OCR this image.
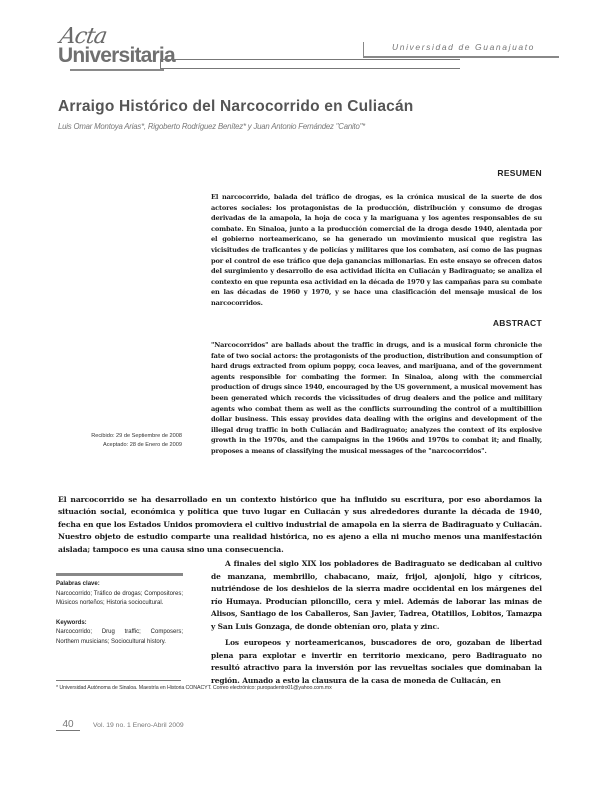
Acta
Universitaria	Universidad de Guanajuato
Arraigo Histórico del Narcocorrido en Culiacán
Luis Omar Montoya Arias*, Rigoberto Rodríguez Benítez* y Juan Antonio Fernández "Canito"*
RESUMEN

El narcocorrido, balada del tráfico de drogas, es la crónica musical de la suerte de dos actores sociales: los protagonistas de la producción, distribución y consumo de drogas derivadas de la amapola, la hoja de coca y la mariguana y los agentes responsables de su combate. En Sinaloa, junto a la producción comercial de la droga desde 1940, alentada por el gobierno norteamericano, se ha generado un movimiento musical que registra las vicisitudes de traficantes y de policías y militares que los combaten, así como de las pugnas por el control de ese tráfico que deja ganancias millonarias. En este ensayo se ofrecen datos del surgimiento y desarrollo de esa actividad ilícita en Culiacán y Badiraguato; se analiza el contexto en que repunta esa actividad en la década de 1970 y las campañas para su combate en las décadas de 1960 y 1970, y se hace una clasificación del mensaje musical de los narcocorridos.

ABSTRACT

"Narcocorridos" are ballads about the traffic in drugs, and is a musical form chronicle the fate of two social actors: the protagonists of the production, distribution and consumption of hard drugs extracted from opium poppy, coca leaves, and marijuana, and of the government agents responsible for combating the former. In Sinaloa, along with the commercial production of drugs since 1940, encouraged by the US government, a musical movement has been generated which records the vicissitudes of drug dealers and the police and military agents who combat them as well as the conflicts surrounding the control of a multibillion dollar business. This essay provides data dealing with the origins and development of the illegal drug traffic in both Culiacán and Badiraguato; analyzes the context of its explosive growth in the 1970s, and the campaigns in the 1960s and 1970s to combat it; and finally, proposes a means of classifying the musical messages of the "narcocorridos".

Recibido: 29 de Septiembre de 2008
Aceptado: 28 de Enero de 2009

El narcocorrido se ha desarrollado en un contexto histórico que ha influido su escritura, por eso abordamos la situación social, económica y política que tuvo lugar en Culiacán y sus alrededores durante la década de 1940, fecha en que los Estados Unidos promoviera el cultivo industrial de amapola en la sierra de Badiraguato y Culiacán. Nuestro objeto de estudio comparte una realidad histórica, no es ajeno a ella ni mucho menos una manifestación aislada; tampoco es una causa sino una consecuencia.

Palabras clave:
Narcocorrido; Tráfico de drogas; Compositores; Músicos norteños; Historia sociocultural.
Keywords:
Narcocorrido; Drug traffic; Composers; Northern musicians; Sociocultural history.

A finales del siglo XIX los pobladores de Badiraguato se dedicaban al cultivo de manzana, membrillo, chabacano, maíz, frijol, ajonjolí, higo y cítricos, nutriéndose de los deshielos de la sierra madre occidental en los márgenes del río Humaya. Producían piloncillo, cera y miel. Además de laborar las minas de Alisos, Santiago de los Caballeros, San Javier, Tadrea, Otatillos, Lobitos, Tamazpa y San Luis Gonzaga, de donde obtenían oro, plata y zinc.

Los europeos y norteamericanos, buscadores de oro, gozaban de libertad plena para explotar e invertir en territorio mexicano, pero Badiraguato no resultó atractivo para la inversión por las revueltas sociales que dominaban la región. Aunado a esto la clausura de la casa de moneda de Culiacán, en

* Universidad Autónoma de Sinaloa. Maestría en Historia CONACYT. Correo electrónico: puropadentro01@yahoo.com.mx
40	Vol. 19 no. 1 Enero-Abril 2009
